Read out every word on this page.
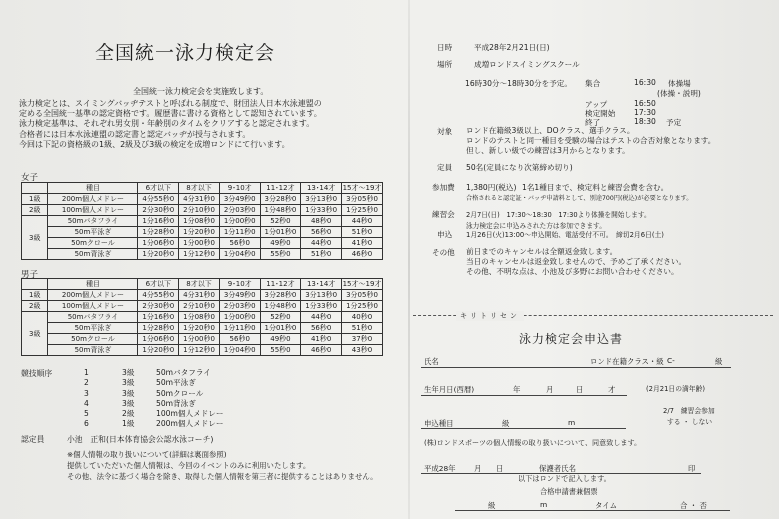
全国統一泳力検定会
全国統一泳力検定会を実施致します。
泳力検定とは、スイミングバッヂテストと呼ばれる制度で、財団法人日本水泳連盟の
定める全国統一基準の認定資格です。履歴書に書ける資格として認知されています。
泳力検定基準は、それぞれ男女別・年齢別のタイムをクリアすると認定されます。
合格者には日本水泳連盟の認定書と認定バッヂが授与されます。
今回は下記の資格級の1級、2級及び3級の検定を成増ロンドにて行います。
女子
	種目	6才以下	8才以下	9･10才	11･12才	13･14才	15才～19才
1級	200m個人メドレー	4分55秒0	4分31秒0	3分49秒0	3分28秒0	3分13秒0	3分05秒0
2級	100m個人メドレー	2分30秒0	2分10秒0	2分03秒0	1分48秒0	1分33秒0	1分25秒0
3級	50mバタフライ	1分16秒0	1分08秒0	1分00秒0	52秒0	48秒0	44秒0
	50m平泳ぎ	1分28秒0	1分20秒0	1分11秒0	1分01秒0	56秒0	51秒0
	50mクロール	1分06秒0	1分00秒0	56秒0	49秒0	44秒0	41秒0
	50m背泳ぎ	1分20秒0	1分12秒0	1分04秒0	55秒0	51秒0	46秒0
男子
	種目	6才以下	8才以下	9･10才	11･12才	13･14才	15才～19才
1級	200m個人メドレー	4分55秒0	4分31秒0	3分49秒0	3分28秒0	3分13秒0	3分05秒0
2級	100m個人メドレー	2分30秒0	2分10秒0	2分03秒0	1分48秒0	1分33秒0	1分25秒0
3級	50mバタフライ	1分16秒0	1分08秒0	1分00秒0	52秒0	44秒0	40秒0
	50m平泳ぎ	1分28秒0	1分20秒0	1分11秒0	1分01秒0	56秒0	51秒0
	50mクロール	1分06秒0	1分00秒0	56秒0	49秒0	41秒0	37秒0
	50m背泳ぎ	1分20秒0	1分12秒0	1分04秒0	55秒0	46秒0	43秒0
競技順序	1	3級	50mバタフライ
2	3級	50m平泳ぎ
3	3級	50mクロール
4	3級	50m背泳ぎ
5	2級	100m個人メドレー
6	1級	200m個人メドレー
認定員	小池　正和(日本体育協会公認水泳コーチ)
※個人情報の取り扱いについて(詳細は裏面参照)
提供していただいた個人情報は、今回のイベントのみに利用いたします。
その他、法令に基づく場合を除き、取得した個人情報を第三者に提供することはありません。
日時	平成28年2月21日(日)
場所	成増ロンドスイミングスクール
16時30分～18時30分を予定。 集合	16:30 体操場
(体操・説明)
アップ	16:50
検定開始 17:30
終了	18:30 予定
対象 ロンド在籍級3級以上、DOクラス、選手クラス。
ロンドのテストと同一種目を受験の場合はテストの合否対象となります。
但し、新しい級での練習は3月からとなります。
定員 50名(定員になり次第締め切り)
参加費 1,380円(税込) 1名1種目まで、検定料と練習会費を含む。
合格されると認定証・バッヂ申請料として、別途700円(税込)が必要となります。
練習会 2月7日(日)　17:30～18:30　17:30より体操を開始します。
泳力検定会に申込みされた方は参加できます。
申込 1月26日(火)13:00～申込開始、電話受付不可。　締切2月6日(土)
その他 前日までのキャンセルは全額返金致します。
当日のキャンセルは返金致しませんので、予めご了承ください。
その他、不明な点は、小池及び多野にお問い合わせください。
キリトリセン
泳力検定会申込書
氏名	ロンド在籍クラス・級 C-	級
生年月日(西暦)	年	月	日	才	(2月21日の満年齢)
申込種目	級	m
2/7　練習会参加
する ・ しない
(株)ロンドスポーツの個人情報の取り扱いについて、同意致します。
平成28年 月 日	保護者氏名	印
以下はロンドで記入します。
合格申請書兼個票
級	m	タイム	合 ・ 否
